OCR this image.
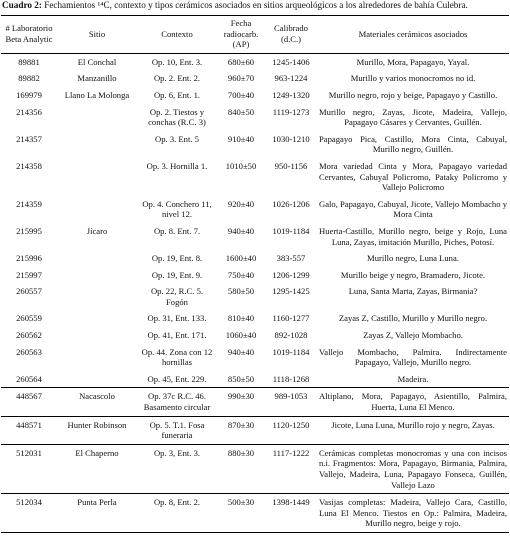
Cuadro 2: Fechamientos ¹⁴C, contexto y tipos cerámicos asociados en sitios arqueológicos a los alrededores de bahía Culebra.
# Laboratorio Beta Analytic	Sitio	Contexto	Fecha radiocarb. (AP)	Calibrado (d.C.)	Materiales cerámicos asociados
89881	El Conchal	Op. 10, Ent. 3.	680±60	1245-1406	Murillo, Mora, Papagayo, Yayal.
89882	Manzanillo	Op. 2. Ent. 2.	960±70	963-1224	Murillo y varios monocromos no id.
169979	Llano La Molonga	Op. 6, Ent. 1.	700±40	1249-1320	Murillo negro, rojo y beige, Papagayo y Castillo.
214356		Op. 2. Tiestos y conchas (R.C. 3)	840±50	1119-1273	Murillo negro, Zayas, Jicote, Madeira, Vallejo, Papagayo Cásares y Cervantes, Guillén.
214357		Op. 3. Ent. 5	910±40	1030-1210	Papagayo Pica, Castillo, Mora Cinta, Cabuyal, Murillo negro, Guillén.
214358		Op. 3. Hornilla 1.	1010±50	950-1156	Mora variedad Cinta y Mora, Papagayo variedad Cervantes, Cabuyal Policromo, Pataky Policromo y Vallejo Policromo
214359		Op. 4. Conchero 11, nivel 12.	920±40	1026-1206	Galo, Papagayo, Cabuyal, Jicote, Vallejo Mombacho y Mora Cinta
215995	Jícaro	Op. 8. Ent. 7.	940±40	1019-1184	Huerta-Castillo, Murillo negro, beige y Rojo, Luna Luna, Zayas, imitación Murillo, Piches, Potosí.
215996		Op. 19, Ent. 8.	1600±40	383-557	Murillo negro, Luna Luna.
215997		Op. 19, Ent. 9.	750±40	1206-1299	Murillo beige y negro, Bramadero, Jicote.
260557		Op. 22, R.C. 5. Fogón	580±50	1295-1425	Luna, Santa Marta, Zayas, Birmania?
260559		Op. 31, Ent. 133.	810±40	1160-1277	Zayas Z, Castillo, Murillo y Murillo negro.
260562		Op. 41, Ent. 171.	1060±40	892-1028	Zayas Z, Vallejo Mombacho.
260563		Op. 44. Zona con 12 hornillas	940±40	1019-1184	Vallejo Mombacho, Palmira. Indirectamente Papagayo, Vallejo, Murillo negro.
260564		Op. 45, Ent. 229.	850±50	1118-1268	Madeira.
448567	Nacascolo	Op. 37c R.C. 46. Basamento circular	990±30	989-1053	Altiplano, Mora, Papagayo, Asientillo, Palmira, Huerta, Luna El Menco.
448571	Hunter Robinson	Op. 5. T.1. Fosa funeraria	870±30	1120-1250	Jicote, Luna Luna, Murillo rojo y negro, Zayas.
512031	El Chaperno	Op. 3, Ent. 3.	880±30	1117-1222	Cerámicas completas monocromas y una con incisos n.i. Fragmentos: Mora, Papagayo, Birmania, Palmira, Vallejo, Madeira, Luna, Papagayo Fonseca, Guillén, Vallejo Lazo
512034	Punta Perla	Op. 8, Ent. 2.	500±30	1398-1449	Vasijas completas: Madeira, Vallejo Cara, Castillo, Luna El Menco. Tiestos en Op.: Palmira, Madeira, Murillo negro, beige y rojo.
